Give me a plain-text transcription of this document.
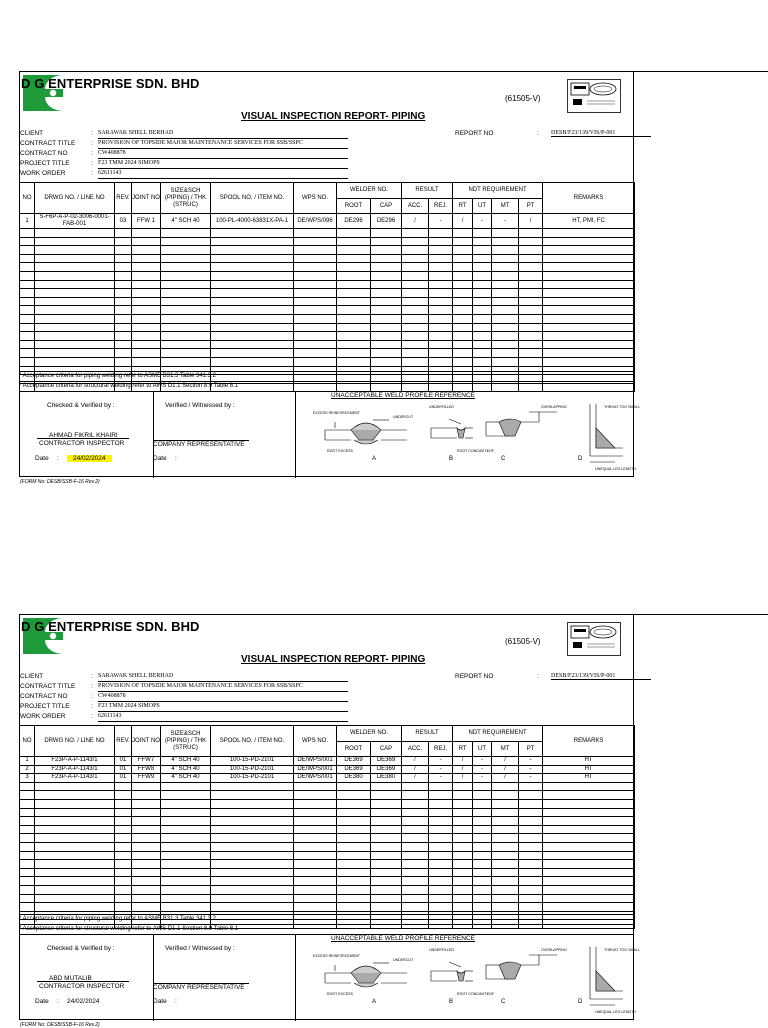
D G ENTERPRISE SDN. BHD
(61505-V)
VISUAL INSPECTION REPORT- PIPING
CLIENT	: SARAWAK SHELL BERHAD
CONTRACT TITLE	: PROVISION OF TOPSIDE MAJOR MAINTENANCE SERVICES FOR SSB/SSPC
CONTRACT NO	: CW408878
PROJECT TITLE	: F23 TMM 2024 SIMOPS
WORK ORDER	: 62611143
REPORT NO	: DESB/F23/139/VIS/P-001
NO	DRWG NO. / LINE NO	REV.	JOINT NO	SIZE&SCH (PIPING) / THK (STRUC)	SPOOL NO. / ITEM NO.	WPS NO.	WELDER NO.		RESULT		NDT REQUIREMENT				REMARKS
							ROOT	CAP	ACC.	REJ.	RT	UT	MT	PT	
1	S-F6P-A-P-02-3006-0001-FAB-001	03	FFW 1	4" SCH 40	100-PL-4000-63831X-PA-1	DE/WPS/096	DE296	DE296	/	-	/	-	-	/	HT, PMI, FC

* Acceptance criteria for piping welding refer to ASME B31.3 Table 341.3.2
* Acceptance criteria for structural welding refer to AWS D1.1 Section 8.9 Table 8.1
Checked & Verified by :
AHMAD FIKRIL KHAIRI
CONTRACTOR INSPECTOR
Date :	24/02/2024
Verified / Witnessed by :
COMPANY REPRESENTATIVE
Date :
UNACCEPTABLE WELD PROFILE REFERENCE
EXCESS REINFORCEMENT
UNDERCUT
ROOT EXCESS
A
UNDERFILLED
ROOT CONCAVITY
B
LOF
C
OVERLAPPING	THROAT TOO SMALL
UNEQUAL LEG LENGTH
D
(FORM No: DESB/SSB-F-16 Rev.2)
D G ENTERPRISE SDN. BHD
(61505-V)
VISUAL INSPECTION REPORT- PIPING
CLIENT	: SARAWAK SHELL BERHAD
CONTRACT TITLE	: PROVISION OF TOPSIDE MAJOR MAINTENANCE SERVICES FOR SSB/SSPC
CONTRACT NO	: CW408878
PROJECT TITLE	: F23 TMM 2024 SIMOPS
WORK ORDER	: 62611143
REPORT NO	: DESB/F23/139/VIS/P-001
NO	DRWG NO. / LINE NO	REV.	JOINT NO	SIZE&SCH (PIPING) / THK (STRUC)	SPOOL NO. / ITEM NO.	WPS NO.	WELDER NO.		RESULT		NDT REQUIREMENT				REMARKS
							ROOT	CAP	ACC.	REJ.	RT	UT	MT	PT	
1	F23P-A-P-1143/1	01	FFW7	4" SCH 40	100-15-PD-2101	DE/WPS/001	DE369	DE369	/	-	/	-	/	-	HT
2	F23P-A-P-1143/1	01	FFW8	4" SCH 40	100-15-PD-2101	DE/WPS/001	DE369	DE369	/	-	/	-	/	-	HT
3	F23P-A-P-1143/1	01	FFW9	4" SCH 40	100-15-PD-2101	DE/WPS/001	DE380	DE380	/	-	/	-	/	-	HT

* Acceptance criteria for piping welding refer to ASME B31.3 Table 341.3.2
* Acceptance criteria for structural welding refer to AWS D1.1 Section 8.9 Table 8.1
Checked & Verified by :
ABD MUTALIB
CONTRACTOR INSPECTOR
Date : 24/02/2024
Verified / Witnessed by :
COMPANY REPRESENTATIVE
Date :
UNACCEPTABLE WELD PROFILE REFERENCE
EXCESS REINFORCEMENT
UNDERCUT
ROOT EXCESS
A
UNDERFILLED
ROOT CONCAVITY
B
LOF
C
OVERLAPPING	THROAT TOO SMALL
UNEQUAL LEG LENGTH
D
(FORM No: DESB/SSB-F-16 Rev.2)
